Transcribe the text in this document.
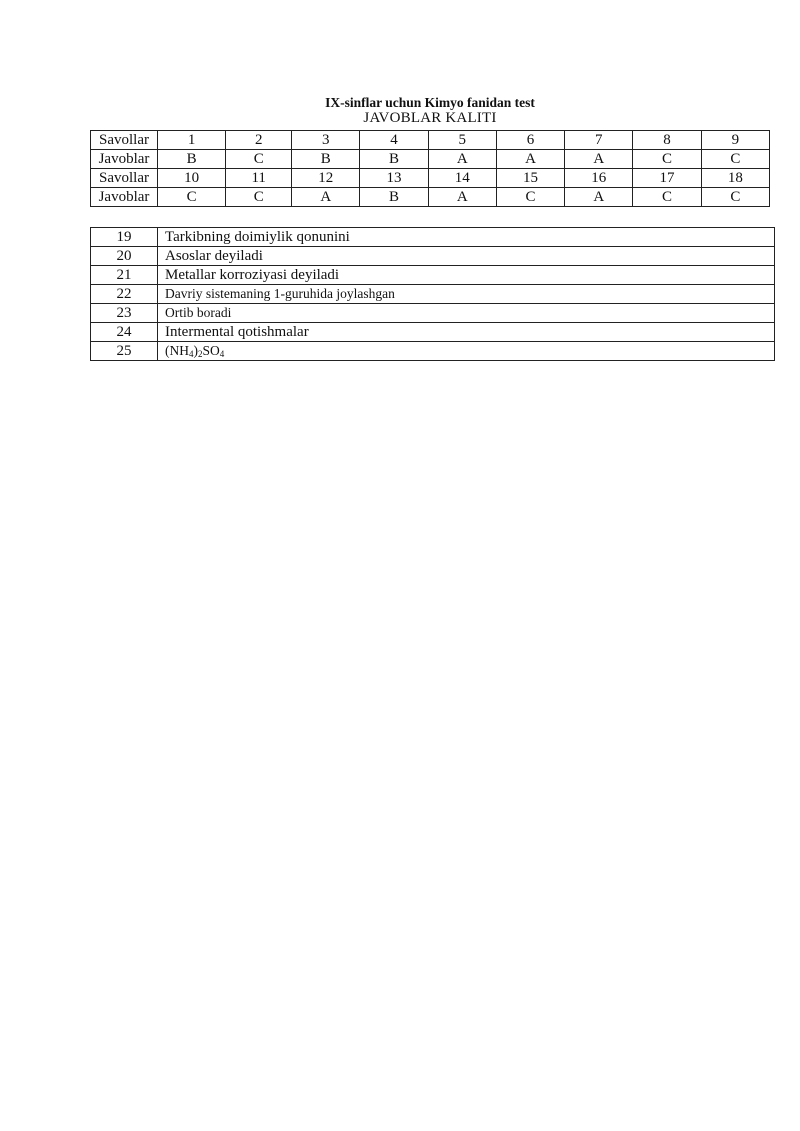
IX-sinflar uchun Kimyo fanidan test
JAVOBLAR KALITI
Savollar	1	2	3	4	5	6	7	8	9
Javoblar	B	C	B	B	A	A	A	C	C
Savollar	10	11	12	13	14	15	16	17	18
Javoblar	C	C	A	B	A	C	A	C	C
19	Tarkibning doimiylik qonunini
20	Asoslar deyiladi
21	Metallar korroziyasi deyiladi
22	Davriy sistemaning 1-guruhida joylashgan
23	Ortib boradi
24	Intermental qotishmalar
25	$(NH_4)_2SO_4$
